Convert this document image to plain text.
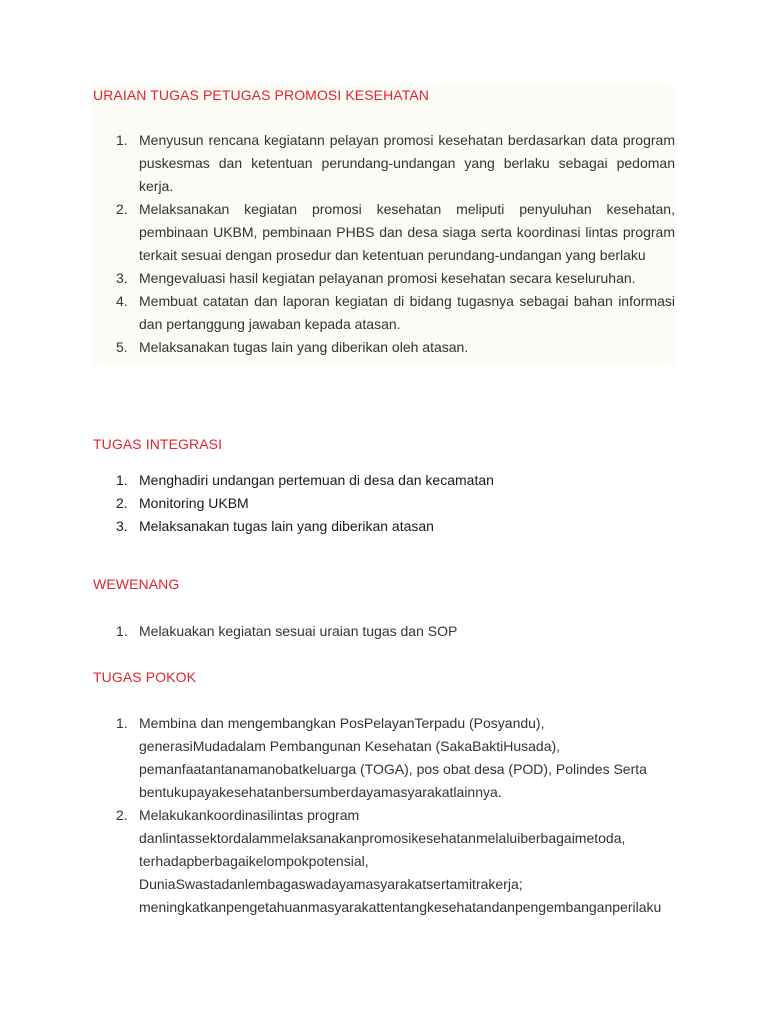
URAIAN TUGAS PETUGAS PROMOSI KESEHATAN
1. Menyusun rencana kegiatann pelayan promosi kesehatan berdasarkan data program puskesmas dan ketentuan perundang-undangan yang berlaku sebagai pedoman kerja.
2. Melaksanakan kegiatan promosi kesehatan meliputi penyuluhan kesehatan, pembinaan UKBM, pembinaan PHBS dan desa siaga serta koordinasi lintas program terkait sesuai dengan prosedur dan ketentuan perundang-undangan yang berlaku
3. Mengevaluasi hasil kegiatan pelayanan promosi kesehatan secara keseluruhan.
4. Membuat catatan dan laporan kegiatan di bidang tugasnya sebagai bahan informasi dan pertanggung jawaban kepada atasan.
5. Melaksanakan tugas lain yang diberikan oleh atasan.
TUGAS INTEGRASI
1. Menghadiri undangan pertemuan di desa dan kecamatan
2. Monitoring UKBM
3. Melaksanakan tugas lain yang diberikan atasan
WEWENANG
1. Melakuakan kegiatan sesuai uraian tugas dan SOP
TUGAS POKOK
1. Membina dan mengembangkan PosPelayanTerpadu (Posyandu),
generasiMudadalam Pembangunan Kesehatan (SakaBaktiHusada),
pemanfaatantanamanobatkeluarga (TOGA), pos obat desa (POD), Polindes Serta
bentukupayakesehatanbersumberdayamasyarakatlainnya.
2. Melakukankoordinasilintas program
danlintassektordalammelaksanakanpromosikesehatanmelaluiberbagaimetoda,
terhadapberbagaikelompokpotensial,
DuniaSwastadanlembagaswadayamasyarakatsertamitrakerja;
meningkatkanpengetahuanmasyarakattentangkesehatandanpengembanganperilaku
